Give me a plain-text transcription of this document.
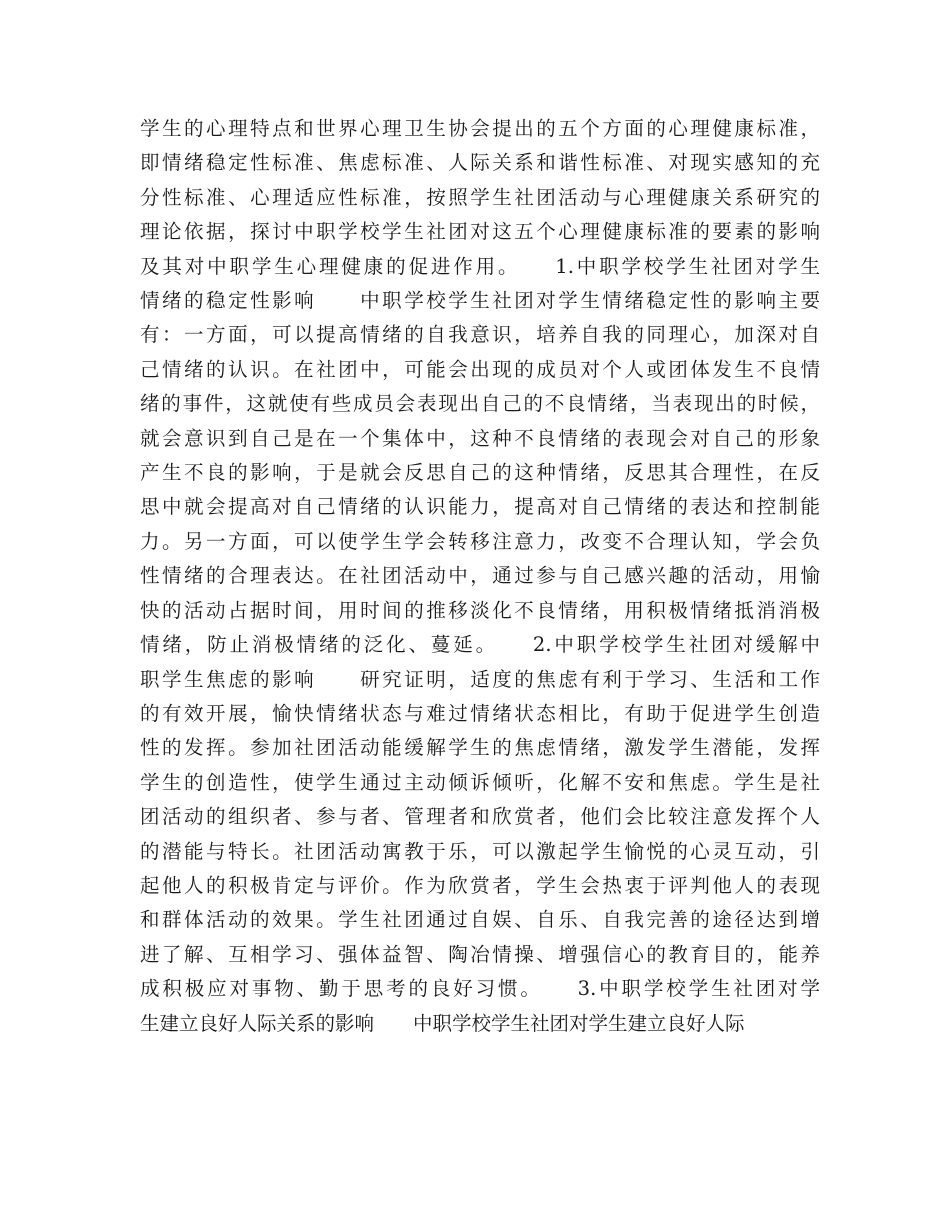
学生的心理特点和世界心理卫生协会提出的五个方面的心理健康标准，
即情绪稳定性标准、焦虑标准、人际关系和谐性标准、对现实感知的充
分性标准、心理适应性标准，按照学生社团活动与心理健康关系研究的
理论依据，探讨中职学校学生社团对这五个心理健康标准的要素的影响
及其对中职学生心理健康的促进作用。　　1.中职学校学生社团对学生
情绪的稳定性影响　　中职学校学生社团对学生情绪稳定性的影响主要
有：一方面，可以提高情绪的自我意识，培养自我的同理心，加深对自
己情绪的认识。在社团中，可能会出现的成员对个人或团体发生不良情
绪的事件，这就使有些成员会表现出自己的不良情绪，当表现出的时候，
就会意识到自己是在一个集体中，这种不良情绪的表现会对自己的形象
产生不良的影响，于是就会反思自己的这种情绪，反思其合理性，在反
思中就会提高对自己情绪的认识能力，提高对自己情绪的表达和控制能
力。另一方面，可以使学生学会转移注意力，改变不合理认知，学会负
性情绪的合理表达。在社团活动中，通过参与自己感兴趣的活动，用愉
快的活动占据时间，用时间的推移淡化不良情绪，用积极情绪抵消消极
情绪，防止消极情绪的泛化、蔓延。　　2.中职学校学生社团对缓解中
职学生焦虑的影响　　研究证明，适度的焦虑有利于学习、生活和工作
的有效开展，愉快情绪状态与难过情绪状态相比，有助于促进学生创造
性的发挥。参加社团活动能缓解学生的焦虑情绪，激发学生潜能，发挥
学生的创造性，使学生通过主动倾诉倾听，化解不安和焦虑。学生是社
团活动的组织者、参与者、管理者和欣赏者，他们会比较注意发挥个人
的潜能与特长。社团活动寓教于乐，可以激起学生愉悦的心灵互动，引
起他人的积极肯定与评价。作为欣赏者，学生会热衷于评判他人的表现
和群体活动的效果。学生社团通过自娱、自乐、自我完善的途径达到增
进了解、互相学习、强体益智、陶冶情操、增强信心的教育目的，能养
成积极应对事物、勤于思考的良好习惯。　　3.中职学校学生社团对学
生建立良好人际关系的影响　　中职学校学生社团对学生建立良好人际
